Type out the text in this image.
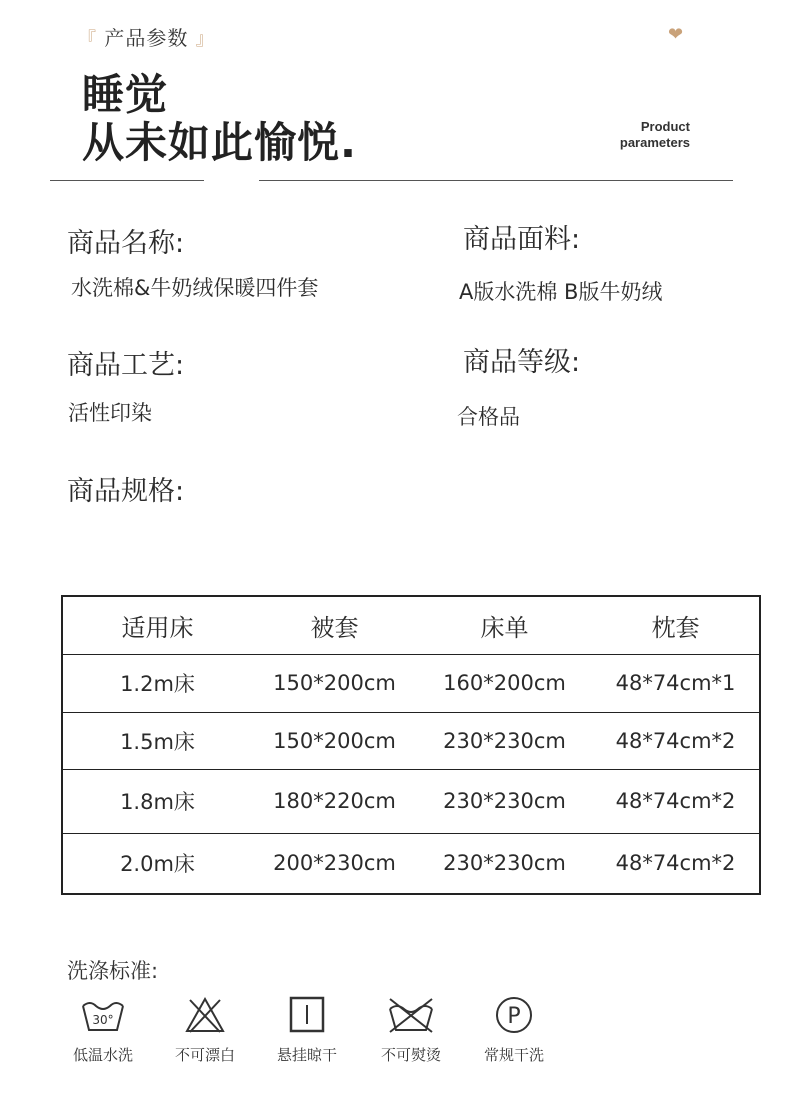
『 产品参数 』	❤
睡觉
从未如此愉悦.	Product
parameters
商品名称:
水洗棉&牛奶绒保暖四件套
商品面料:
A版水洗棉 B版牛奶绒
商品工艺:
活性印染
商品等级:
合格品
商品规格:
适用床	被套	床单	枕套
1.2m床	150*200cm	160*200cm	48*74cm*1
1.5m床	150*200cm	230*230cm	48*74cm*2
1.8m床	180*220cm	230*230cm	48*74cm*2
2.0m床	200*230cm	230*230cm	48*74cm*2
洗涤标准:
30°
低温水洗	不可漂白	悬挂晾干	不可熨烫
P
常规干洗
